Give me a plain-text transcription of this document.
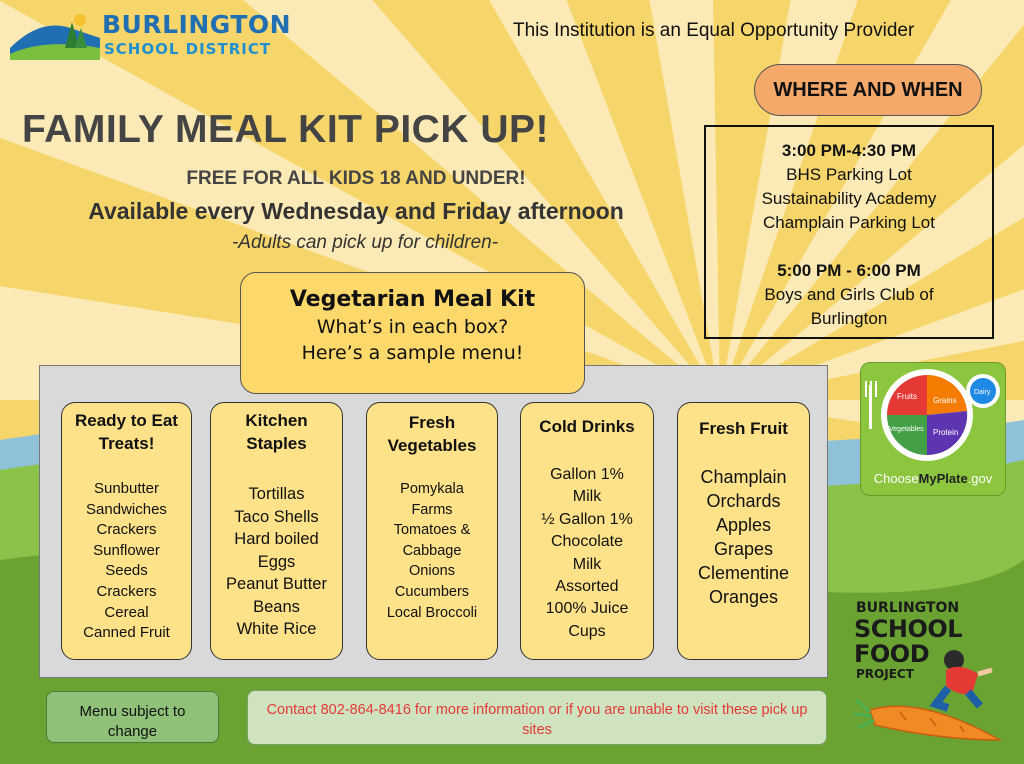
BURLINGTON
SCHOOL DISTRICT
This Institution is an Equal Opportunity Provider
FAMILY MEAL KIT PICK UP!
FREE FOR ALL KIDS 18 AND UNDER!
Available every Wednesday and Friday afternoon
-Adults can pick up for children-
WHERE AND WHEN
3:00 PM-4:30 PM
BHS Parking Lot
Sustainability Academy
Champlain Parking Lot
5:00 PM - 6:00 PM
Boys and Girls Club of
Burlington
Vegetarian Meal Kit
What’s in each box?
Here’s a sample menu!
Ready to Eat
Treats!
Sunbutter
Sandwiches
Crackers
Sunflower
Seeds
Crackers
Cereal
Canned Fruit
Kitchen
Staples
Tortillas
Taco Shells
Hard boiled
Eggs
Peanut Butter
Beans
White Rice
Fresh
Vegetables
Pomykala
Farms
Tomatoes &
Cabbage
Onions
Cucumbers
Local Broccoli
Cold Drinks
Gallon 1%
Milk
½ Gallon 1%
Chocolate
Milk
Assorted
100% Juice
Cups
Fresh Fruit
Champlain
Orchards
Apples
Grapes
Clementine
Oranges
Fruits Grains
Vegetables Protein
Dairy
ChooseMyPlate.gov
BURLINGTON
SCHOOL
FOOD
PROJECT
Menu subject to change
Contact 802-864-8416 for more information or if you are unable to visit these pick up sites
